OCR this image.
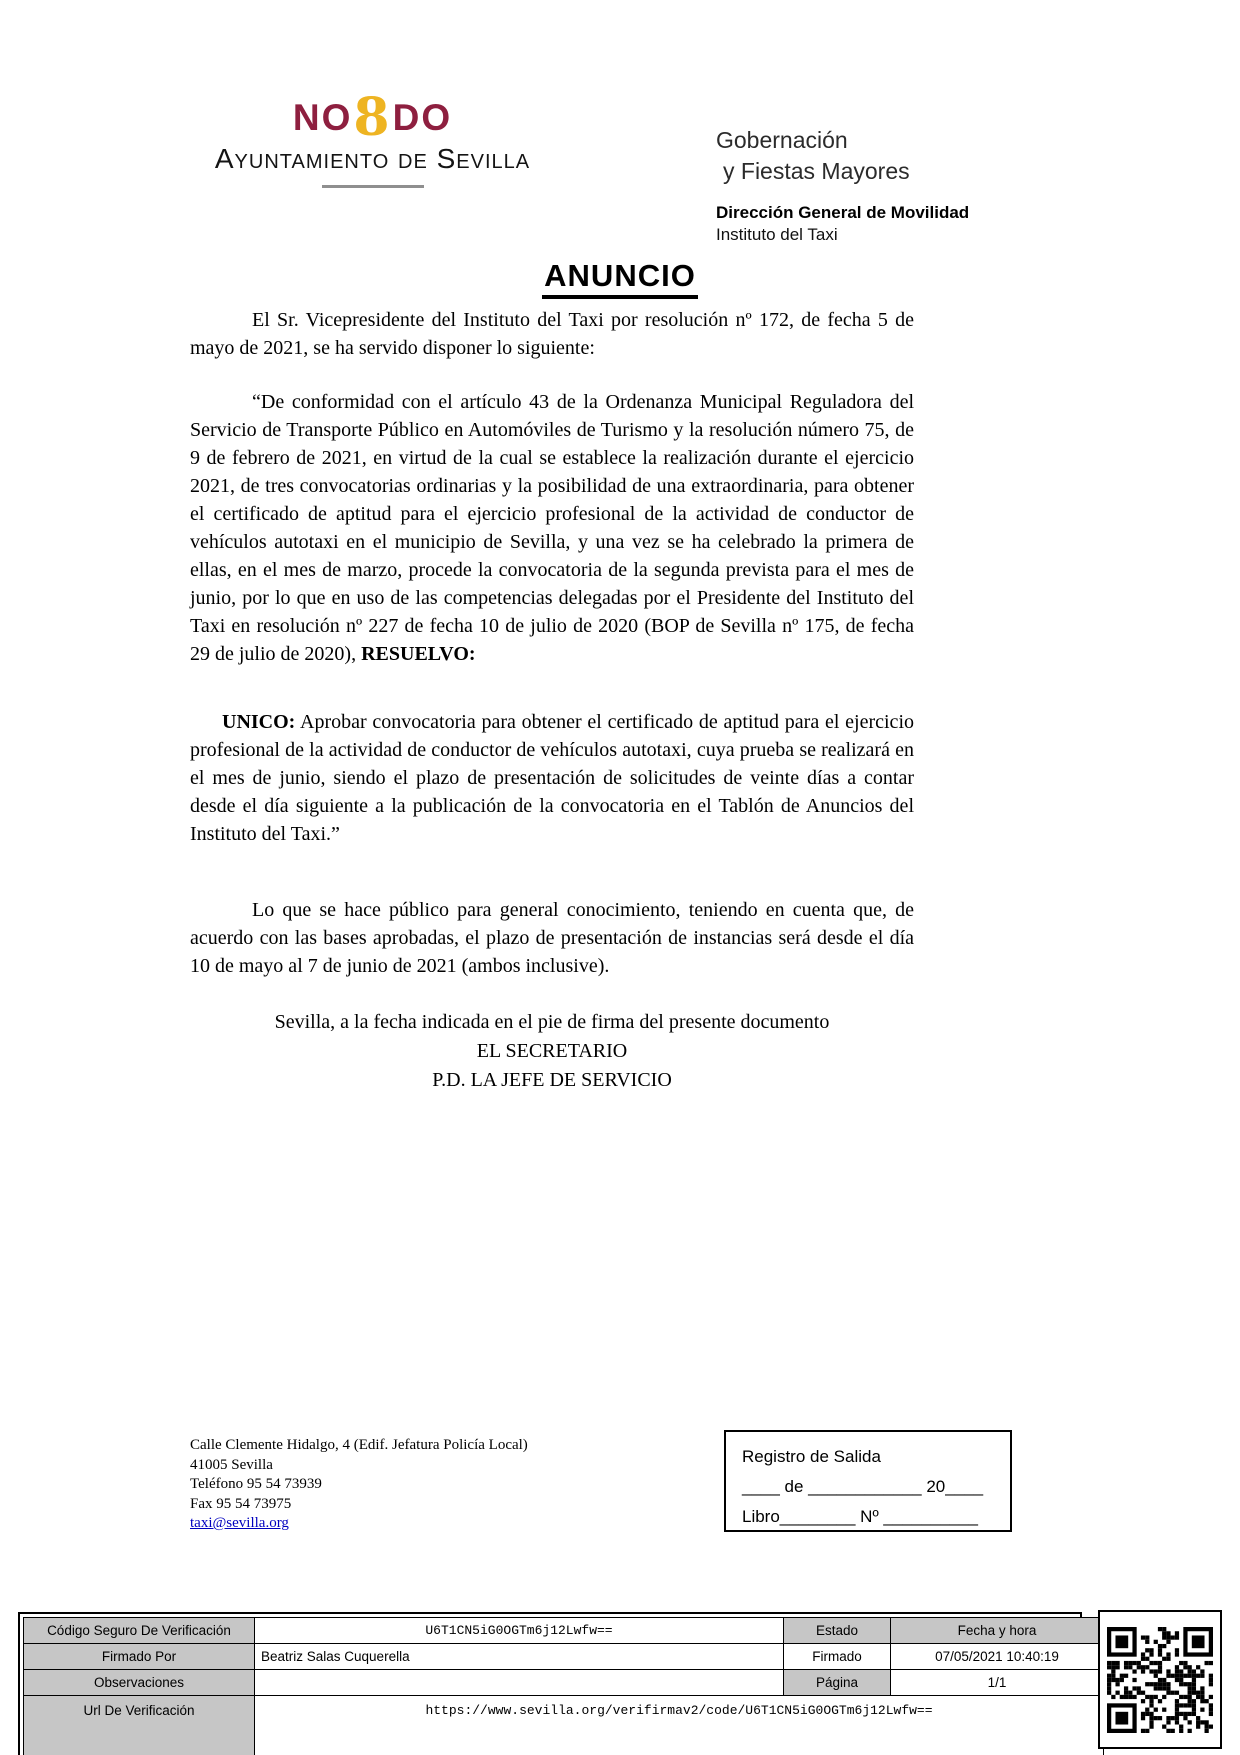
NO8DO
Ayuntamiento de Sevilla
Gobernación
y Fiestas Mayores
Dirección General de Movilidad
Instituto del Taxi
ANUNCIO

El Sr. Vicepresidente del Instituto del Taxi por resolución nº 172, de fecha 5 de mayo de 2021, se ha servido disponer lo siguiente:

“De conformidad con el artículo 43 de la Ordenanza Municipal Reguladora del Servicio de Transporte Público en Automóviles de Turismo y la resolución número 75, de 9 de febrero de 2021, en virtud de la cual se establece la realización durante el ejercicio 2021, de tres convocatorias ordinarias y la posibilidad de una extraordinaria, para obtener el certificado de aptitud para el ejercicio profesional de la actividad de conductor de vehículos autotaxi en el municipio de Sevilla, y una vez se ha celebrado la primera de ellas, en el mes de marzo, procede la convocatoria de la segunda prevista para el mes de junio, por lo que en uso de las competencias delegadas por el Presidente del Instituto del Taxi en resolución nº 227 de fecha 10 de julio de 2020 (BOP de Sevilla nº 175, de fecha 29 de julio de 2020), RESUELVO:

UNICO: Aprobar convocatoria para obtener el certificado de aptitud para el ejercicio profesional de la actividad de conductor de vehículos autotaxi, cuya prueba se realizará en el mes de junio, siendo el plazo de presentación de solicitudes de veinte días a contar desde el día siguiente a la publicación de la convocatoria en el Tablón de Anuncios del Instituto del Taxi.”

Lo que se hace público para general conocimiento, teniendo en cuenta que, de acuerdo con las bases aprobadas, el plazo de presentación de instancias será desde el día 10 de mayo al 7 de junio de 2021 (ambos inclusive).

Sevilla, a la fecha indicada en el pie de firma del presente documento
EL SECRETARIO
P.D. LA JEFE DE SERVICIO
Calle Clemente Hidalgo, 4 (Edif. Jefatura Policía Local)
41005 Sevilla
Teléfono 95 54 73939
Fax 95 54 73975
taxi@sevilla.org
Registro de Salida
____ de ____________ 20____
Libro________ Nº __________
Código Seguro De Verificación	U6T1CN5iG0OGTm6j12Lwfw==	Estado	Fecha y hora
Firmado Por	Beatriz Salas Cuquerella	Firmado	07/05/2021 10:40:19
Observaciones		Página	1/1
Url De Verificación	https://www.sevilla.org/verifirmav2/code/U6T1CN5iG0OGTm6j12Lwfw==		
